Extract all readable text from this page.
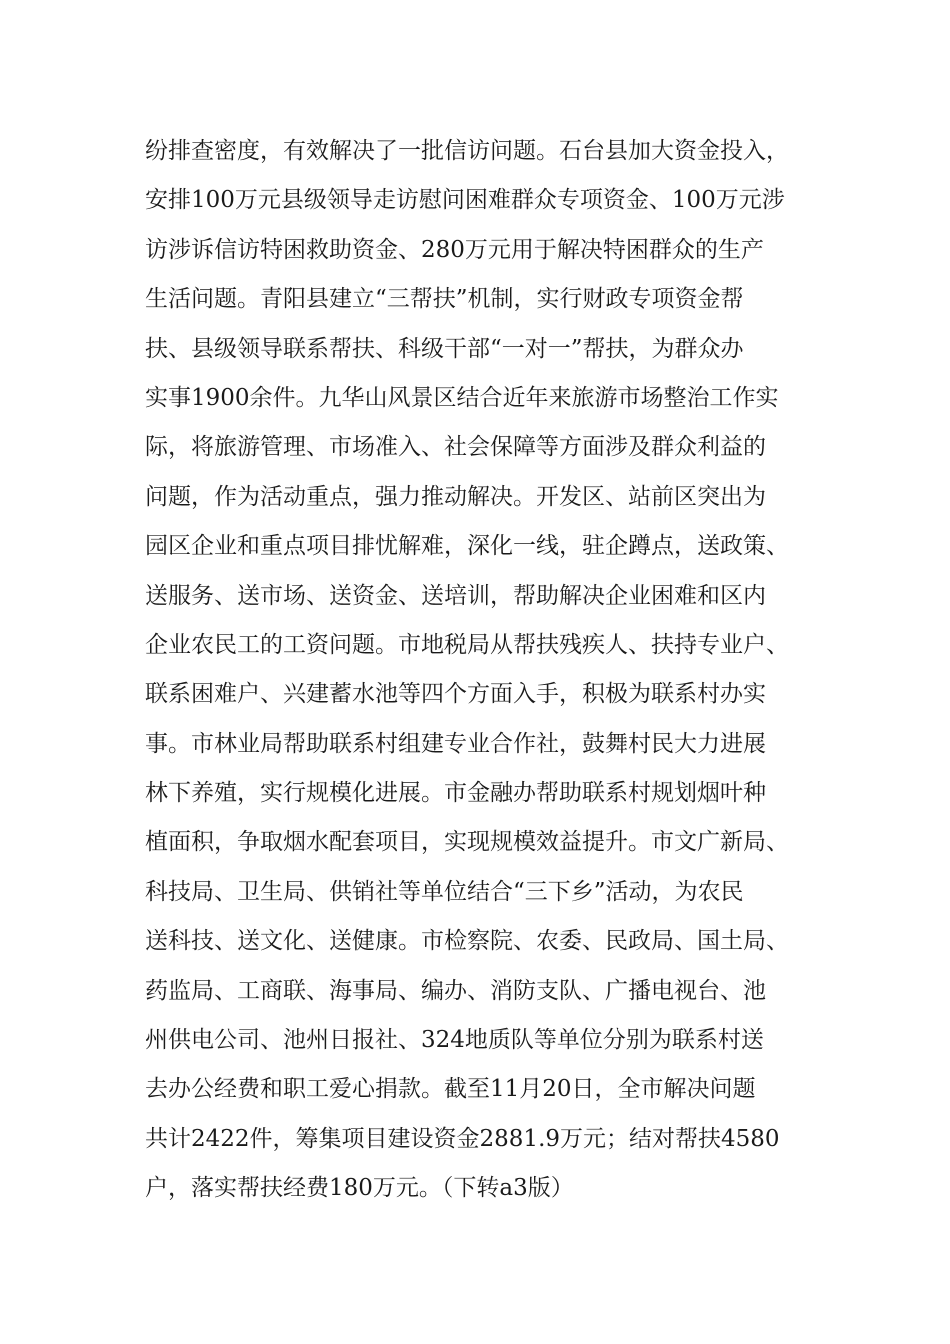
纷排查密度，有效解决了一批信访问题。石台县加大资金投入，
安排100万元县级领导走访慰问困难群众专项资金、100万元涉
访涉诉信访特困救助资金、280万元用于解决特困群众的生产
生活问题。青阳县建立“三帮扶”机制，实行财政专项资金帮
扶、县级领导联系帮扶、科级干部“一对一”帮扶，为群众办
实事1900余件。九华山风景区结合近年来旅游市场整治工作实
际，将旅游管理、市场准入、社会保障等方面涉及群众利益的
问题，作为活动重点，强力推动解决。开发区、站前区突出为
园区企业和重点项目排忧解难，深化一线，驻企蹲点，送政策、
送服务、送市场、送资金、送培训，帮助解决企业困难和区内
企业农民工的工资问题。市地税局从帮扶残疾人、扶持专业户、
联系困难户、兴建蓄水池等四个方面入手，积极为联系村办实
事。市林业局帮助联系村组建专业合作社，鼓舞村民大力进展
林下养殖，实行规模化进展。市金融办帮助联系村规划烟叶种
植面积，争取烟水配套项目，实现规模效益提升。市文广新局、
科技局、卫生局、供销社等单位结合“三下乡”活动，为农民
送科技、送文化、送健康。市检察院、农委、民政局、国土局、
药监局、工商联、海事局、编办、消防支队、广播电视台、池
州供电公司、池州日报社、324地质队等单位分别为联系村送
去办公经费和职工爱心捐款。截至11月20日，全市解决问题
共计2422件，筹集项目建设资金2881.9万元；结对帮扶4580
户，落实帮扶经费180万元。（下转a3版）
